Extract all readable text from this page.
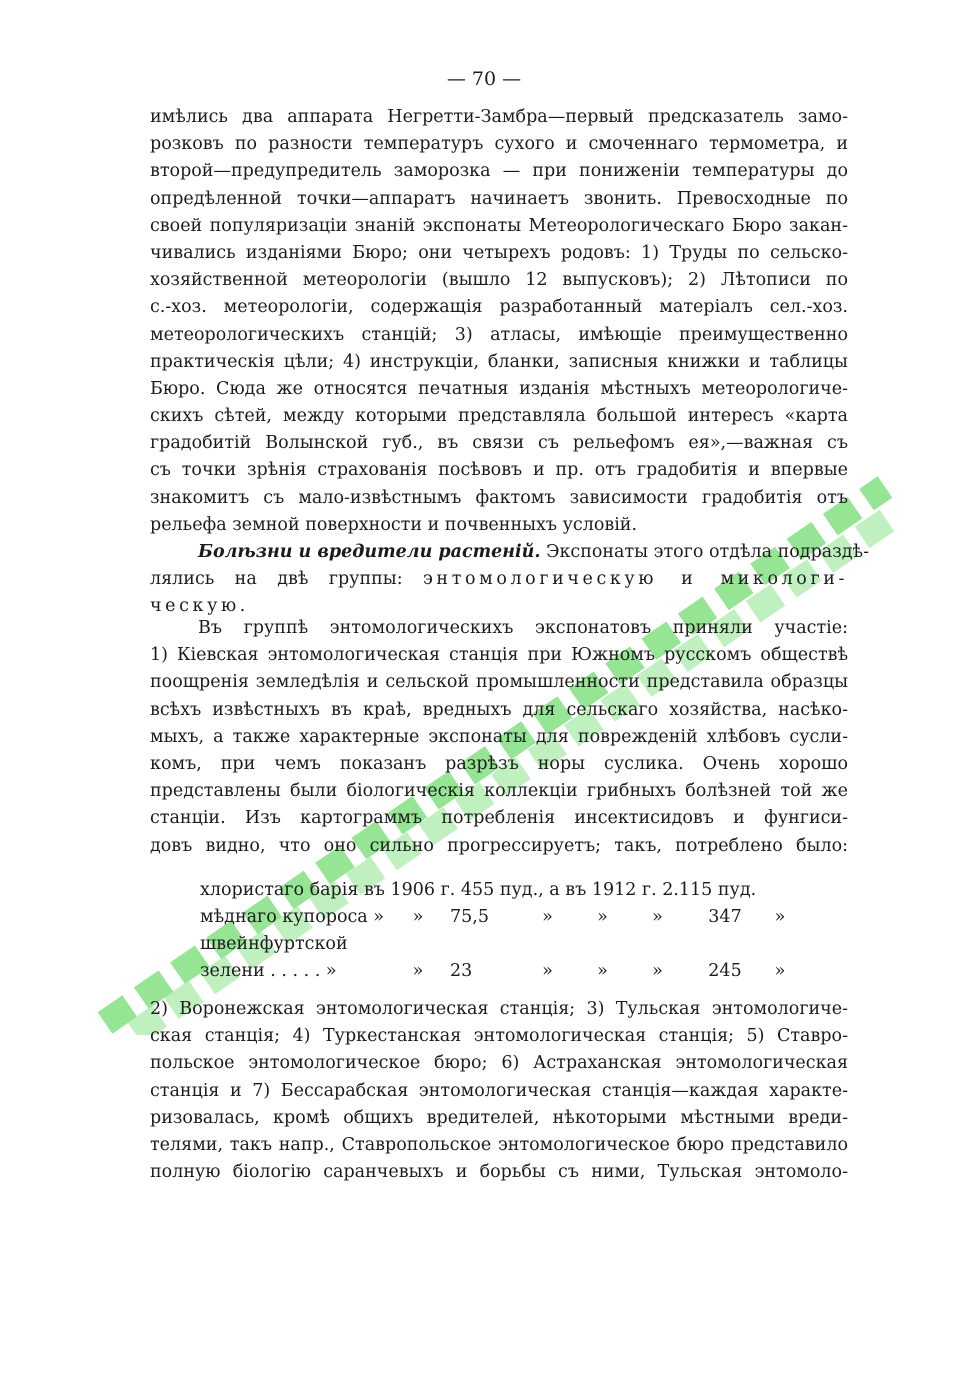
— 70 —
имѣлись два аппарата Негретти-Замбра—первый предсказатель замо-
розковъ по разности температуръ сухого и смоченнаго термометра, и
второй—предупредитель заморозка — при пониженіи температуры до
опредѣленной точки—аппаратъ начинаетъ звонить. Превосходные по
своей популяризаціи знаній экспонаты Метеорологическаго Бюро закан-
чивались изданіями Бюро; они четырехъ родовъ: 1) Труды по сельско-
хозяйственной метеорологіи (вышло 12 выпусковъ); 2) Лѣтописи по
с.-хоз. метеорологіи, содержащія разработанный матеріалъ сел.-хоз.
метеорологическихъ станцій; 3) атласы, имѣющіе преимущественно
практическія цѣли; 4) инструкціи, бланки, записныя книжки и таблицы
Бюро. Сюда же относятся печатныя изданія мѣстныхъ метеорологиче-
скихъ сѣтей, между которыми представляла большой интересъ «карта
градобитій Волынской губ., въ связи съ рельефомъ ея»,—важная съ
съ точки зрѣнія страхованія посѣвовъ и пр. отъ градобитія и впервые
знакомитъ съ мало-извѣстнымъ фактомъ зависимости градобитія отъ
рельефа земной поверхности и почвенныхъ условій.
Болѣзни и вредители растеній. Экспонаты этого отдѣла подраздѣ-
лялись на двѣ группы: энтомологическую и микологи-
ческую.
Въ группѣ энтомологическихъ экспонатовъ приняли участіе:
1) Кіевская энтомологическая станція при Южномъ русскомъ обществѣ
поощренія земледѣлія и сельской промышленности представила образцы
всѣхъ извѣстныхъ въ краѣ, вредныхъ для сельскаго хозяйства, насѣко-
мыхъ, а также характерные экспонаты для поврежденій хлѣбовъ сусли-
комъ, при чемъ показанъ разрѣзъ норы суслика. Очень хорошо
представлены были біологическія коллекціи грибныхъ болѣзней той же
станціи. Изъ картограммъ потребленія инсектисидовъ и фунгиси-
довъ видно, что оно сильно прогрессируетъ; такъ, потреблено было:
хлористаго барія въ 1906 г. 455 пуд., а въ 1912 г. 2.115 пуд.							
мѣднаго купороса »	»	75,5	»	»	»	347	»
швейнфуртской							
зелени . . . . . »	»	23	»	»	»	245	»
2) Воронежская энтомологическая станція; 3) Тульская энтомологиче-
ская станція; 4) Туркестанская энтомологическая станція; 5) Ставро-
польское энтомологическое бюро; 6) Астраханская энтомологическая
станція и 7) Бессарабская энтомологическая станція—каждая характе-
ризовалась, кромѣ общихъ вредителей, нѣкоторыми мѣстными вреди-
телями, такъ напр., Ставропольское энтомологическое бюро представило
полную біологію саранчевыхъ и борьбы съ ними, Тульская энтомоло-
